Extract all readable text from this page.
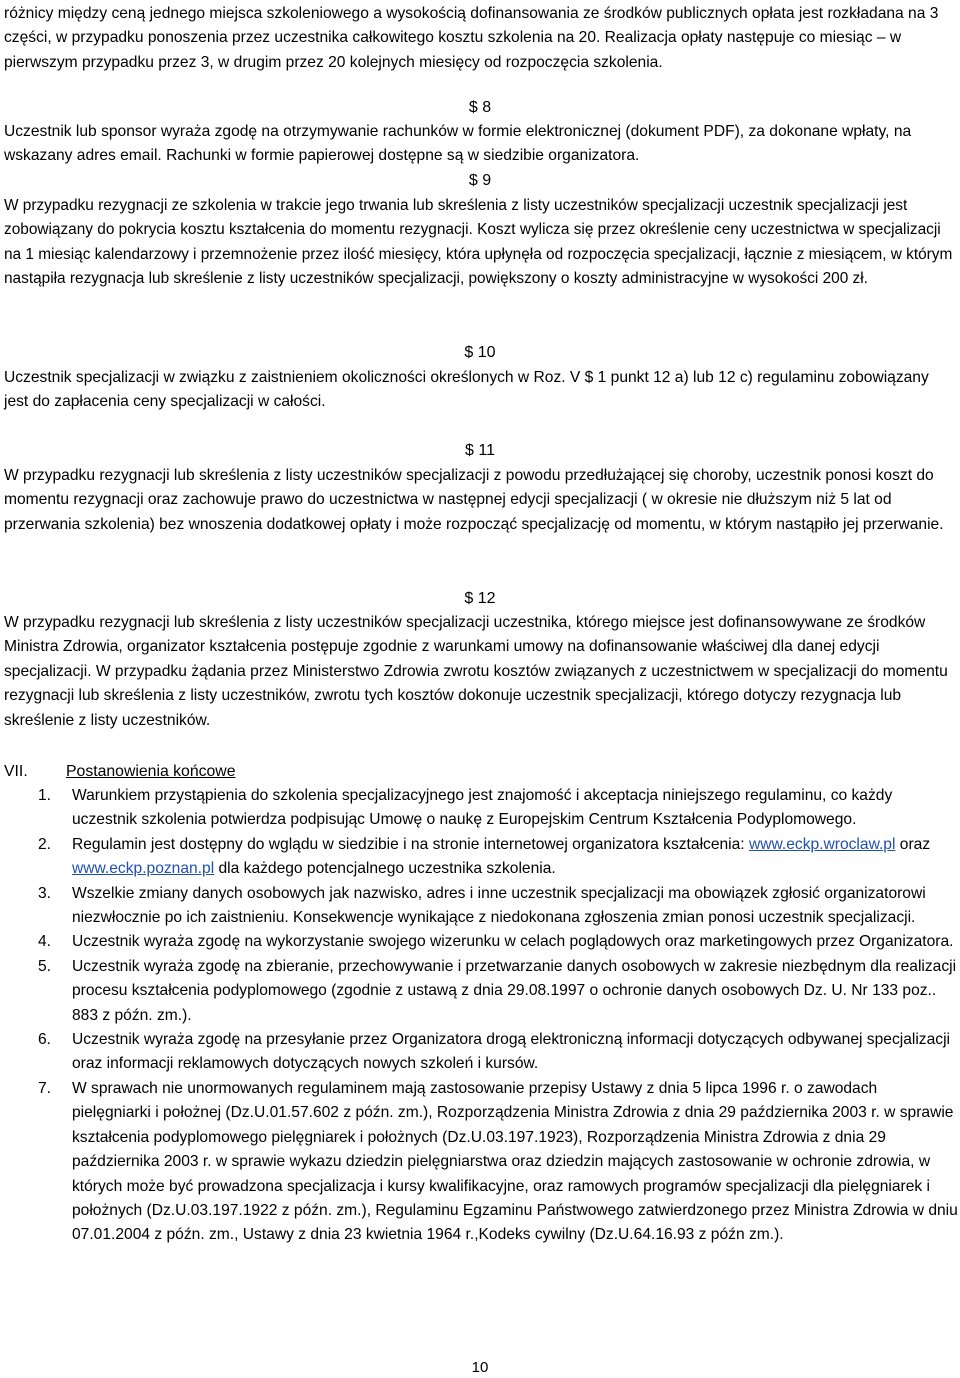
różnicy między ceną jednego miejsca szkoleniowego a wysokością dofinansowania ze środków publicznych opłata jest rozkładana na 3 części, w przypadku ponoszenia przez uczestnika całkowitego kosztu szkolenia na 20. Realizacja opłaty następuje co miesiąc – w pierwszym przypadku przez 3, w drugim przez 20 kolejnych miesięcy od rozpoczęcia szkolenia.

$ 8

Uczestnik lub sponsor wyraża zgodę na otrzymywanie rachunków w formie elektronicznej (dokument PDF), za dokonane wpłaty, na wskazany adres email. Rachunki w formie papierowej dostępne są w siedzibie organizatora.

$ 9

W przypadku rezygnacji ze szkolenia w trakcie jego trwania lub skreślenia z listy uczestników specjalizacji uczestnik specjalizacji jest zobowiązany do pokrycia kosztu kształcenia do momentu rezygnacji. Koszt wylicza się przez określenie ceny uczestnictwa w specjalizacji na 1 miesiąc kalendarzowy i przemnożenie przez ilość miesięcy, która upłynęła od rozpoczęcia specjalizacji, łącznie z miesiącem, w którym nastąpiła rezygnacja lub skreślenie z listy uczestników specjalizacji, powiększony o koszty administracyjne w wysokości 200 zł.

$ 10

Uczestnik specjalizacji w związku z zaistnieniem okoliczności określonych w Roz. V $ 1 punkt 12 a) lub 12 c) regulaminu zobowiązany jest do zapłacenia ceny specjalizacji w całości.

$ 11

W przypadku rezygnacji lub skreślenia z listy uczestników specjalizacji z powodu przedłużającej się choroby, uczestnik ponosi koszt do momentu rezygnacji oraz zachowuje prawo do uczestnictwa w następnej edycji specjalizacji ( w okresie nie dłuższym niż 5 lat od przerwania szkolenia) bez wnoszenia dodatkowej opłaty i może rozpocząć specjalizację od momentu, w którym nastąpiło jej przerwanie.

$ 12

W przypadku rezygnacji lub skreślenia z listy uczestników specjalizacji uczestnika, którego miejsce jest dofinansowywane ze środków Ministra Zdrowia, organizator kształcenia postępuje zgodnie z warunkami umowy na dofinansowanie właściwej dla danej edycji specjalizacji. W przypadku żądania przez Ministerstwo Zdrowia zwrotu kosztów związanych z uczestnictwem w specjalizacji do momentu rezygnacji lub skreślenia z listy uczestników, zwrotu tych kosztów dokonuje uczestnik specjalizacji, którego dotyczy rezygnacja lub skreślenie z listy uczestników.

VII. Postanowienia końcowe
1. Warunkiem przystąpienia do szkolenia specjalizacyjnego jest znajomość i akceptacja niniejszego regulaminu, co każdy uczestnik szkolenia potwierdza podpisując Umowę o naukę z Europejskim Centrum Kształcenia Podyplomowego.
2. Regulamin jest dostępny do wglądu w siedzibie i na stronie internetowej organizatora kształcenia: www.eckp.wroclaw.pl oraz www.eckp.poznan.pl dla każdego potencjalnego uczestnika szkolenia.
3. Wszelkie zmiany danych osobowych jak nazwisko, adres i inne uczestnik specjalizacji ma obowiązek zgłosić organizatorowi niezwłocznie po ich zaistnieniu. Konsekwencje wynikające z niedokonana zgłoszenia zmian ponosi uczestnik specjalizacji.
4. Uczestnik wyraża zgodę na wykorzystanie swojego wizerunku w celach poglądowych oraz marketingowych przez Organizatora.
5. Uczestnik wyraża zgodę na zbieranie, przechowywanie i przetwarzanie danych osobowych w zakresie niezbędnym dla realizacji procesu kształcenia podyplomowego (zgodnie z ustawą z dnia 29.08.1997 o ochronie danych osobowych Dz. U. Nr 133 poz.. 883 z późn. zm.).
6. Uczestnik wyraża zgodę na przesyłanie przez Organizatora drogą elektroniczną informacji dotyczących odbywanej specjalizacji oraz informacji reklamowych dotyczących nowych szkoleń i kursów.
7. W sprawach nie unormowanych regulaminem mają zastosowanie przepisy Ustawy z dnia 5 lipca 1996 r. o zawodach pielęgniarki i położnej (Dz.U.01.57.602 z późn. zm.), Rozporządzenia Ministra Zdrowia z dnia 29 października 2003 r. w sprawie kształcenia podyplomowego pielęgniarek i położnych (Dz.U.03.197.1923), Rozporządzenia Ministra Zdrowia z dnia 29 października 2003 r. w sprawie wykazu dziedzin pielęgniarstwa oraz dziedzin mających zastosowanie w ochronie zdrowia, w których może być prowadzona specjalizacja i kursy kwalifikacyjne, oraz ramowych programów specjalizacji dla pielęgniarek i położnych (Dz.U.03.197.1922 z późn. zm.), Regulaminu Egzaminu Państwowego zatwierdzonego przez Ministra Zdrowia w dniu 07.01.2004 z późn. zm., Ustawy z dnia 23 kwietnia 1964 r.,Kodeks cywilny (Dz.U.64.16.93 z późn zm.).
10
